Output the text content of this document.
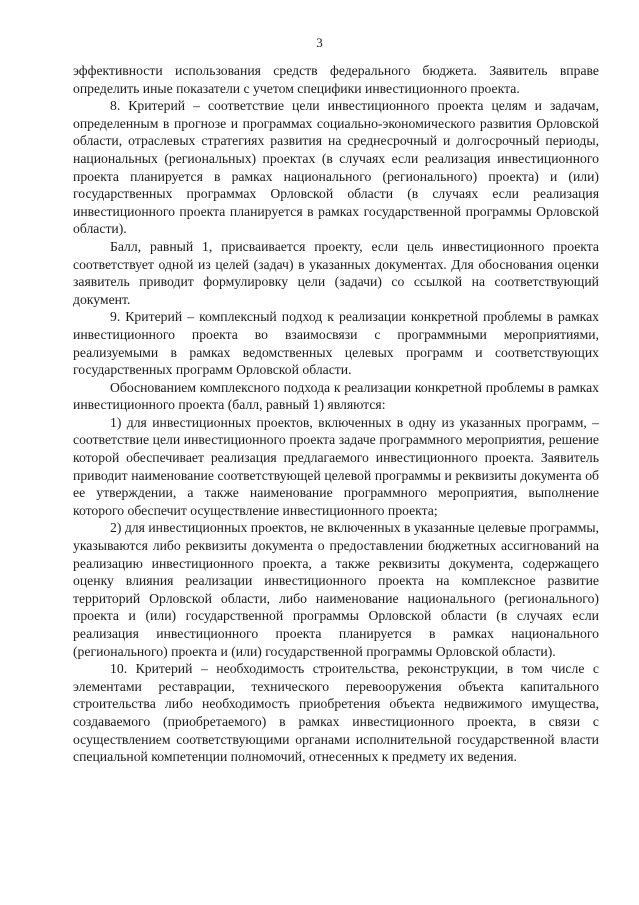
3

эффективности использования средств федерального бюджета. Заявитель вправе определить иные показатели с учетом специфики инвестиционного проекта.

8. Критерий – соответствие цели инвестиционного проекта целям и задачам, определенным в прогнозе и программах социально-экономического развития Орловской области, отраслевых стратегиях развития на среднесрочный и долгосрочный периоды, национальных (региональных) проектах (в случаях если реализация инвестиционного проекта планируется в рамках национального (регионального) проекта) и (или) государственных программах Орловской области (в случаях если реализация инвестиционного проекта планируется в рамках государственной программы Орловской области).

Балл, равный 1, присваивается проекту, если цель инвестиционного проекта соответствует одной из целей (задач) в указанных документах. Для обоснования оценки заявитель приводит формулировку цели (задачи) со ссылкой на соответствующий документ.

9. Критерий – комплексный подход к реализации конкретной проблемы в рамках инвестиционного проекта во взаимосвязи с программными мероприятиями, реализуемыми в рамках ведомственных целевых программ и соответствующих государственных программ Орловской области.

Обоснованием комплексного подхода к реализации конкретной проблемы в рамках инвестиционного проекта (балл, равный 1) являются:

1) для инвестиционных проектов, включенных в одну из указанных программ, – соответствие цели инвестиционного проекта задаче программного мероприятия, решение которой обеспечивает реализация предлагаемого инвестиционного проекта. Заявитель приводит наименование соответствующей целевой программы и реквизиты документа об ее утверждении, а также наименование программного мероприятия, выполнение которого обеспечит осуществление инвестиционного проекта;

2) для инвестиционных проектов, не включенных в указанные целевые программы, указываются либо реквизиты документа о предоставлении бюджетных ассигнований на реализацию инвестиционного проекта, а также реквизиты документа, содержащего оценку влияния реализации инвестиционного проекта на комплексное развитие территорий Орловской области, либо наименование национального (регионального) проекта и (или) государственной программы Орловской области (в случаях если реализация инвестиционного проекта планируется в рамках национального (регионального) проекта и (или) государственной программы Орловской области).

10. Критерий – необходимость строительства, реконструкции, в том числе с элементами реставрации, технического перевооружения объекта капитального строительства либо необходимость приобретения объекта недвижимого имущества, создаваемого (приобретаемого) в рамках инвестиционного проекта, в связи с осуществлением соответствующими органами исполнительной государственной власти специальной компетенции полномочий, отнесенных к предмету их ведения.
